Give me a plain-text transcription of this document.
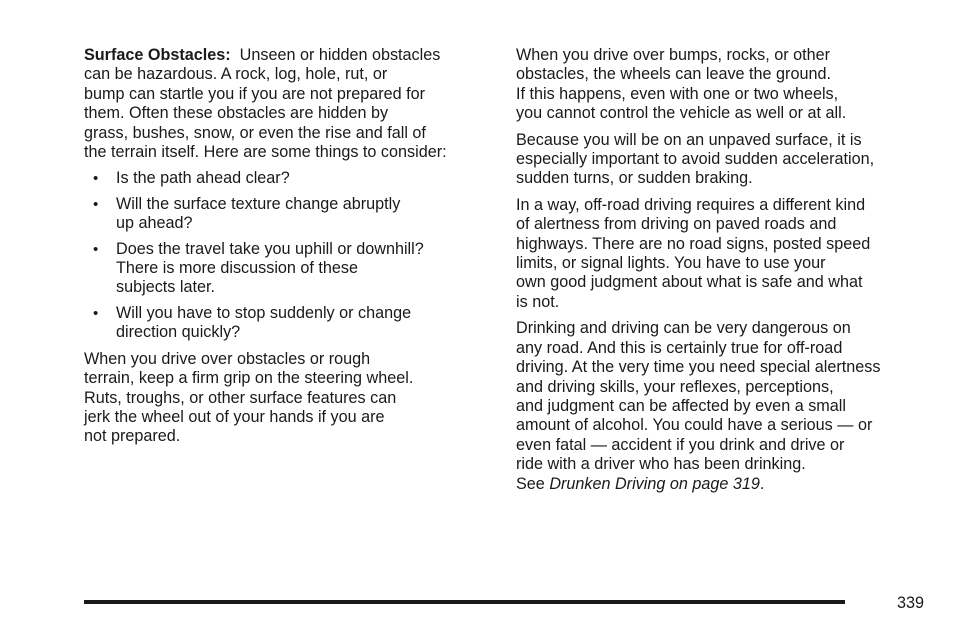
Surface Obstacles: Unseen or hidden obstacles
can be hazardous. A rock, log, hole, rut, or
bump can startle you if you are not prepared for
them. Often these obstacles are hidden by
grass, bushes, snow, or even the rise and fall of
the terrain itself. Here are some things to consider:

• Is the path ahead clear?
• Will the surface texture change abruptly
up ahead?
• Does the travel take you uphill or downhill?
There is more discussion of these
subjects later.
• Will you have to stop suddenly or change
direction quickly?

When you drive over obstacles or rough
terrain, keep a firm grip on the steering wheel.
Ruts, troughs, or other surface features can
jerk the wheel out of your hands if you are
not prepared.

When you drive over bumps, rocks, or other
obstacles, the wheels can leave the ground.
If this happens, even with one or two wheels,
you cannot control the vehicle as well or at all.

Because you will be on an unpaved surface, it is
especially important to avoid sudden acceleration,
sudden turns, or sudden braking.

In a way, off-road driving requires a different kind
of alertness from driving on paved roads and
highways. There are no road signs, posted speed
limits, or signal lights. You have to use your
own good judgment about what is safe and what
is not.

Drinking and driving can be very dangerous on
any road. And this is certainly true for off-road
driving. At the very time you need special alertness
and driving skills, your reflexes, perceptions,
and judgment can be affected by even a small
amount of alcohol. You could have a serious — or
even fatal — accident if you drink and drive or
ride with a driver who has been drinking.
See Drunken Driving on page 319.

339
